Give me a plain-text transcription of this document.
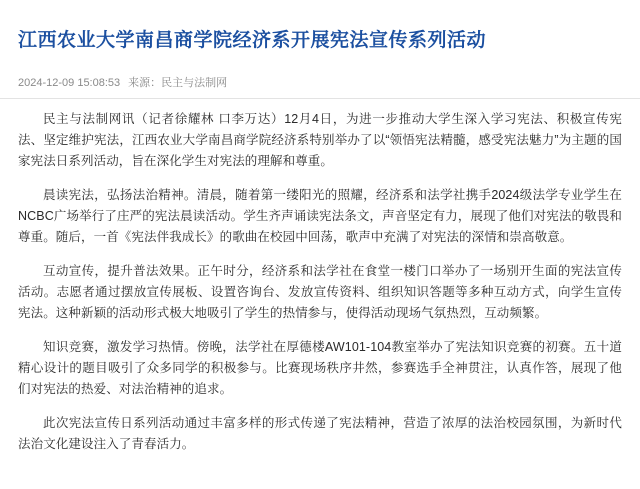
江西农业大学南昌商学院经济系开展宪法宣传系列活动
2024-12-09 15:08:53 来源：民主与法制网

民主与法制网讯（记者徐耀林 口李万达）12月4日，为进一步推动大学生深入学习宪法、积极宣传宪法、坚定维护宪法，江西农业大学南昌商学院经济系特别举办了以“领悟宪法精髓，感受宪法魅力”为主题的国家宪法日系列活动，旨在深化学生对宪法的理解和尊重。

晨读宪法，弘扬法治精神。清晨，随着第一缕阳光的照耀，经济系和法学社携手2024级法学专业学生在NCBC广场举行了庄严的宪法晨读活动。学生齐声诵读宪法条文，声音坚定有力，展现了他们对宪法的敬畏和尊重。随后，一首《宪法伴我成长》的歌曲在校园中回荡，歌声中充满了对宪法的深情和崇高敬意。

互动宣传，提升普法效果。正午时分，经济系和法学社在食堂一楼门口举办了一场别开生面的宪法宣传活动。志愿者通过摆放宣传展板、设置咨询台、发放宣传资料、组织知识答题等多种互动方式，向学生宣传宪法。这种新颖的活动形式极大地吸引了学生的热情参与，使得活动现场气氛热烈，互动频繁。

知识竞赛，激发学习热情。傍晚，法学社在厚德楼AW101-104教室举办了宪法知识竞赛的初赛。五十道精心设计的题目吸引了众多同学的积极参与。比赛现场秩序井然，参赛选手全神贯注，认真作答，展现了他们对宪法的热爱、对法治精神的追求。

此次宪法宣传日系列活动通过丰富多样的形式传递了宪法精神，营造了浓厚的法治校园氛围，为新时代法治文化建设注入了青春活力。
